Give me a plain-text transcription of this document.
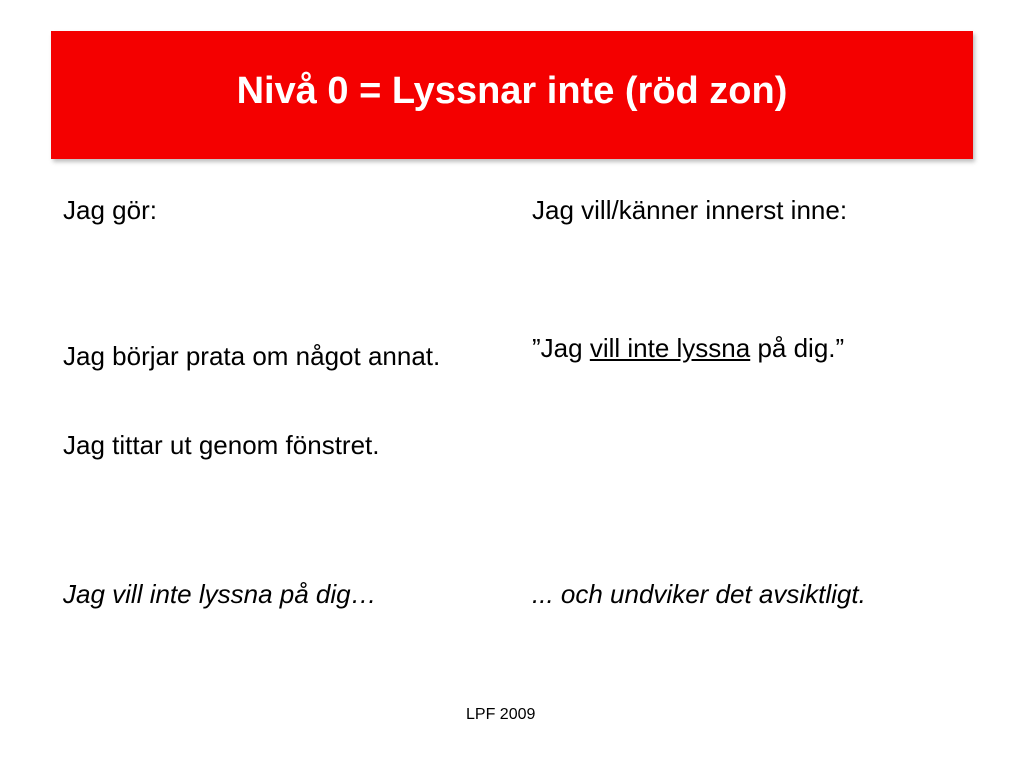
Nivå 0 = Lyssnar inte (röd zon)
Jag gör:
Jag börjar prata om något annat.
Jag tittar ut genom fönstret.
Jag vill inte lyssna på dig…
Jag vill/känner innerst inne:
”Jag vill inte lyssna på dig.”
... och undviker det avsiktligt.
LPF 2009
